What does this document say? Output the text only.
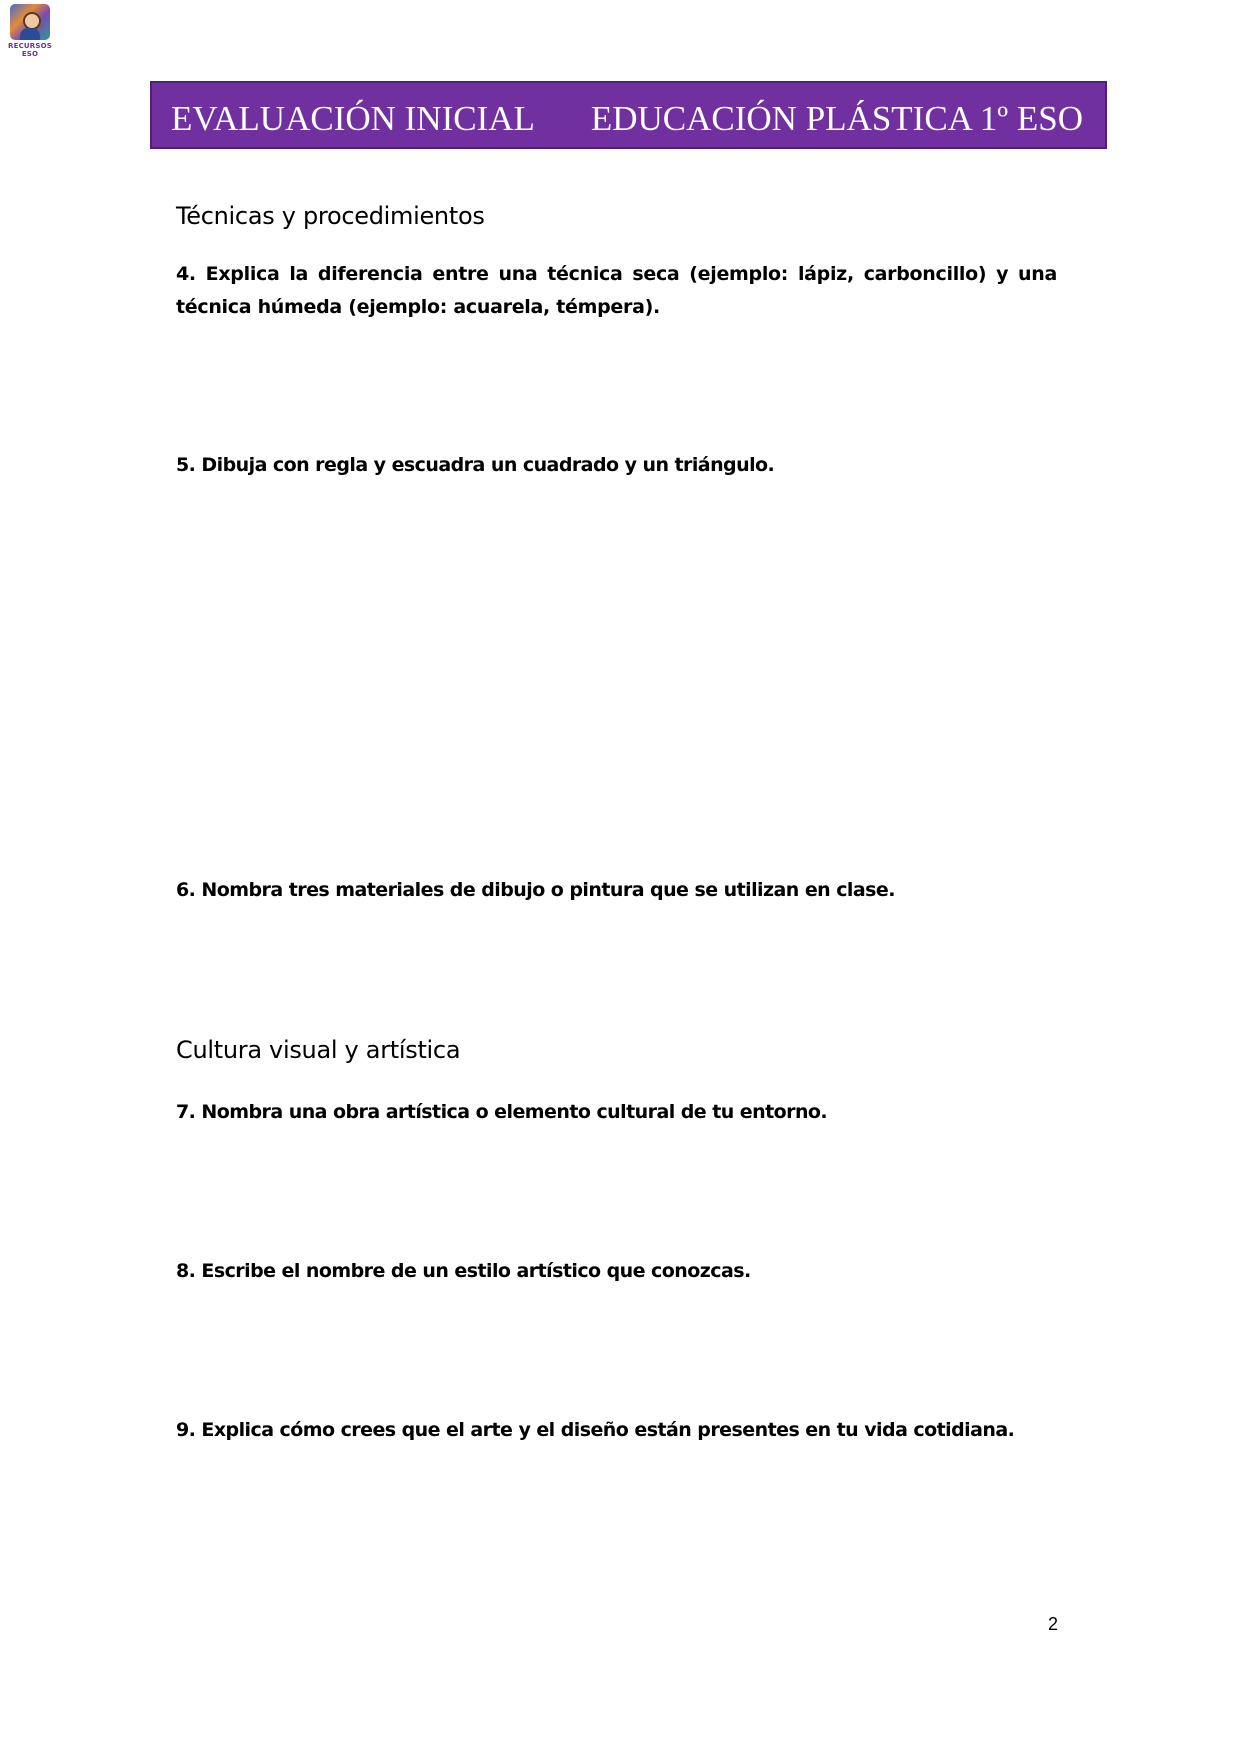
RECURSOS
ESO
EVALUACIÓN INICIAL EDUCACIÓN PLÁSTICA 1º ESO
Técnicas y procedimientos

4. Explica la diferencia entre una técnica seca (ejemplo: lápiz, carboncillo) y una técnica húmeda (ejemplo: acuarela, témpera).

5. Dibuja con regla y escuadra un cuadrado y un triángulo.

6. Nombra tres materiales de dibujo o pintura que se utilizan en clase.

Cultura visual y artística

7. Nombra una obra artística o elemento cultural de tu entorno.

8. Escribe el nombre de un estilo artístico que conozcas.

9. Explica cómo crees que el arte y el diseño están presentes en tu vida cotidiana.

2
